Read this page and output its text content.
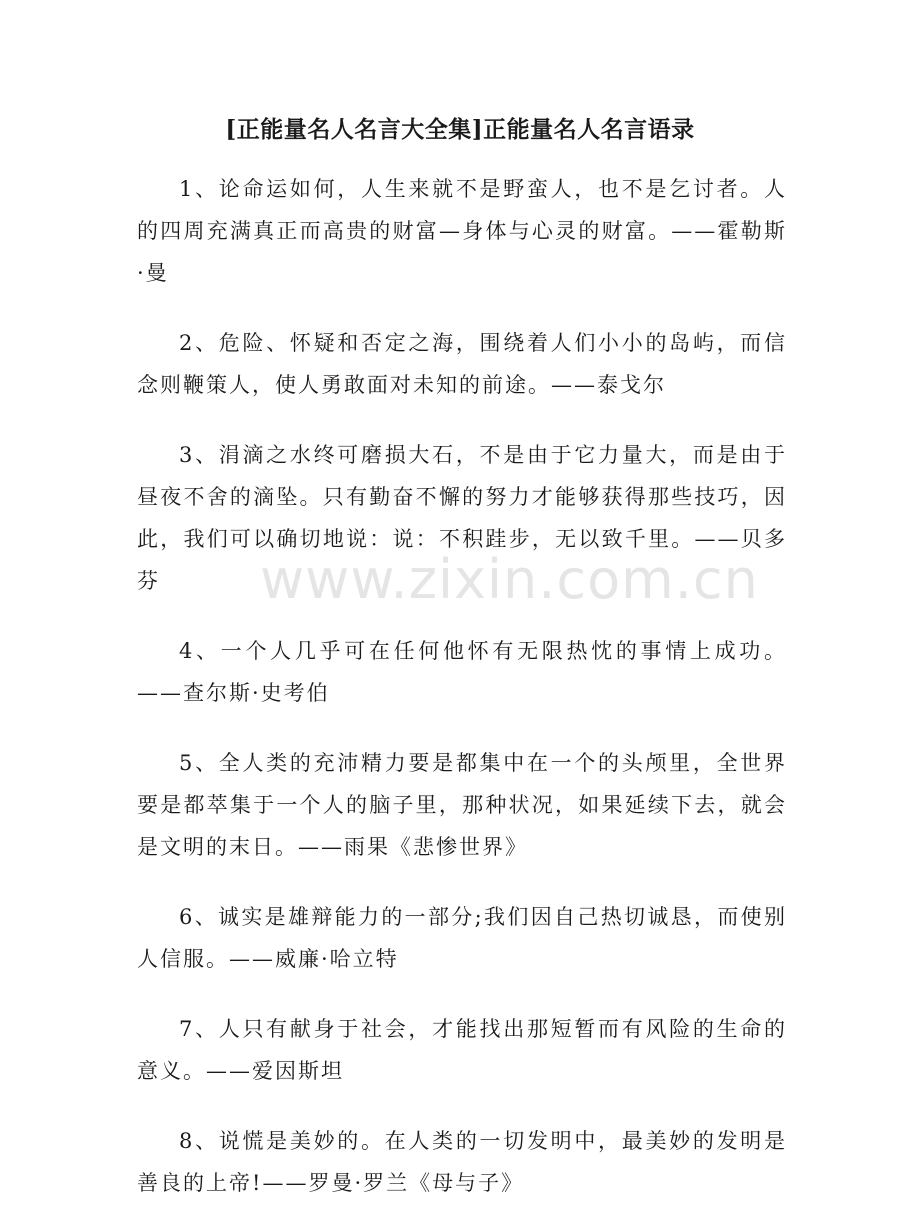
[正能量名人名言大全集]正能量名人名言语录

1、论命运如何，人生来就不是野蛮人，也不是乞讨者。人的四周充满真正而高贵的财富—身体与心灵的财富。——霍勒斯·曼

2、危险、怀疑和否定之海，围绕着人们小小的岛屿，而信念则鞭策人，使人勇敢面对未知的前途。——泰戈尔

3、涓滴之水终可磨损大石，不是由于它力量大，而是由于昼夜不舍的滴坠。只有勤奋不懈的努力才能够获得那些技巧，因此，我们可以确切地说：说：不积跬步，无以致千里。——贝多芬

4、一个人几乎可在任何他怀有无限热忱的事情上成功。——查尔斯·史考伯

5、全人类的充沛精力要是都集中在一个的头颅里，全世界要是都萃集于一个人的脑子里，那种状况，如果延续下去，就会是文明的末日。——雨果《悲惨世界》

6、诚实是雄辩能力的一部分;我们因自己热切诚恳，而使别人信服。——威廉·哈立特

7、人只有献身于社会，才能找出那短暂而有风险的生命的意义。——爱因斯坦

8、说慌是美妙的。在人类的一切发明中，最美妙的发明是善良的上帝!——罗曼·罗兰《母与子》

www.zixin.com.cn
